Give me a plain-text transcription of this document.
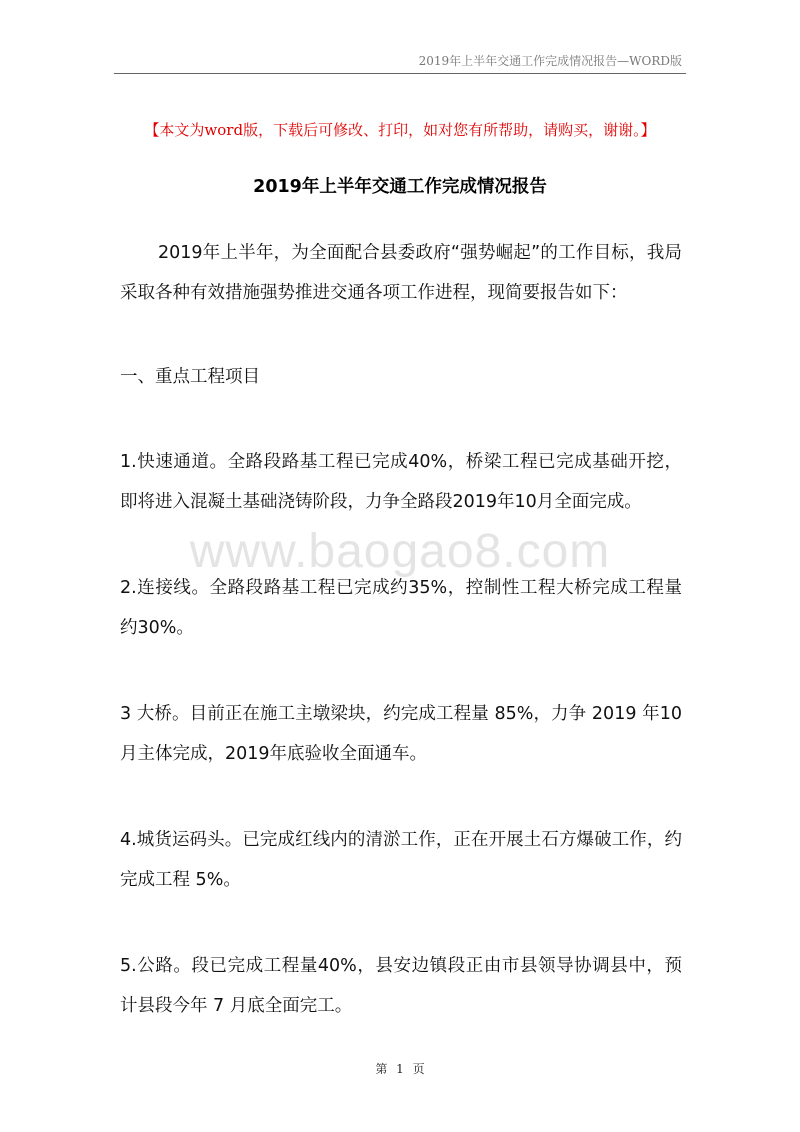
2019年上半年交通工作完成情况报告—WORD版
【本文为word版，下载后可修改、打印，如对您有所帮助，请购买，谢谢。】
2019年上半年交通工作完成情况报告
www.baogao8.com

2019年上半年，为全面配合县委政府“强势崛起”的工作目标，我局采取各种有效措施强势推进交通各项工作进程，现简要报告如下：

一、重点工程项目

1.快速通道。全路段路基工程已完成40%，桥梁工程已完成基础开挖，即将进入混凝土基础浇铸阶段，力争全路段2019年10月全面完成。

2.连接线。全路段路基工程已完成约35%，控制性工程大桥完成工程量约30%。

3 大桥。目前正在施工主墩梁块，约完成工程量 85%，力争 2019 年10月主体完成，2019年底验收全面通车。

4.城货运码头。已完成红线内的清淤工作，正在开展土石方爆破工作，约完成工程 5%。

5.公路。段已完成工程量40%，县安边镇段正由市县领导协调县中，预计县段今年 7 月底全面完工。

第 1 页
